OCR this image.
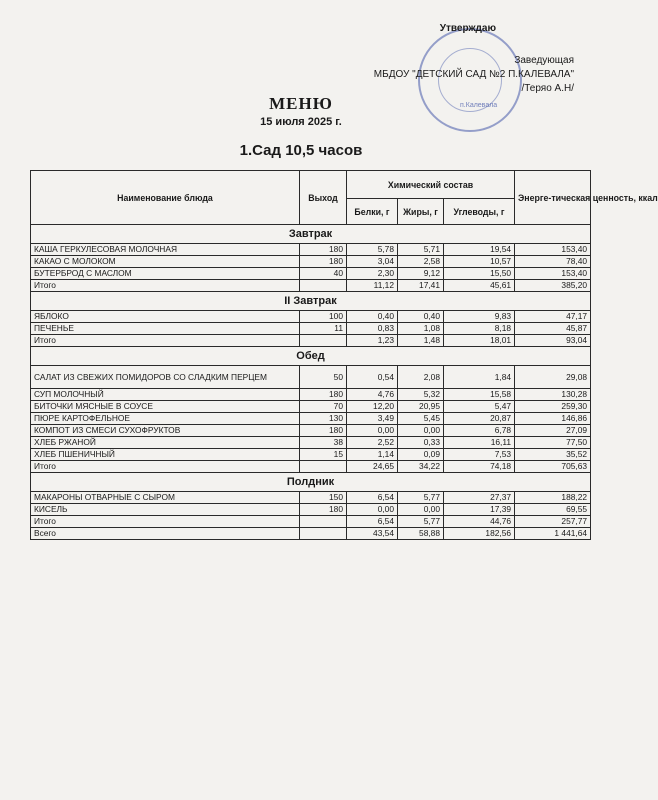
п.Калевала
Утверждаю
Заведующая
МБДОУ "ДЕТСКИЙ САД №2 П.КАЛЕВАЛА"
/Теряо А.Н/
МЕНЮ
15 июля 2025 г.
1.Сад 10,5 часов
Наименование блюда	Выход	Химический состав			Энерге-тическая ценность, ккал
		Белки, г	Жиры, г	Углеводы, г	
Завтрак					
КАША ГЕРКУЛЕСОВАЯ МОЛОЧНАЯ	180	5,78	5,71	19,54	153,40
КАКАО С МОЛОКОМ	180	3,04	2,58	10,57	78,40
БУТЕРБРОД С МАСЛОМ	40	2,30	9,12	15,50	153,40
Итого		11,12	17,41	45,61	385,20
II Завтрак					
ЯБЛОКО	100	0,40	0,40	9,83	47,17
ПЕЧЕНЬЕ	11	0,83	1,08	8,18	45,87
Итого		1,23	1,48	18,01	93,04
Обед					
САЛАТ ИЗ СВЕЖИХ ПОМИДОРОВ СО СЛАДКИМ ПЕРЦЕМ	50	0,54	2,08	1,84	29,08
СУП МОЛОЧНЫЙ	180	4,76	5,32	15,58	130,28
БИТОЧКИ МЯСНЫЕ В СОУСЕ	70	12,20	20,95	5,47	259,30
ПЮРЕ КАРТОФЕЛЬНОЕ	130	3,49	5,45	20,87	146,86
КОМПОТ ИЗ СМЕСИ СУХОФРУКТОВ	180	0,00	0,00	6,78	27,09
ХЛЕБ РЖАНОЙ	38	2,52	0,33	16,11	77,50
ХЛЕБ ПШЕНИЧНЫЙ	15	1,14	0,09	7,53	35,52
Итого		24,65	34,22	74,18	705,63
Полдник					
МАКАРОНЫ ОТВАРНЫЕ С СЫРОМ	150	6,54	5,77	27,37	188,22
КИСЕЛЬ	180	0,00	0,00	17,39	69,55
Итого		6,54	5,77	44,76	257,77
Всего		43,54	58,88	182,56	1 441,64
